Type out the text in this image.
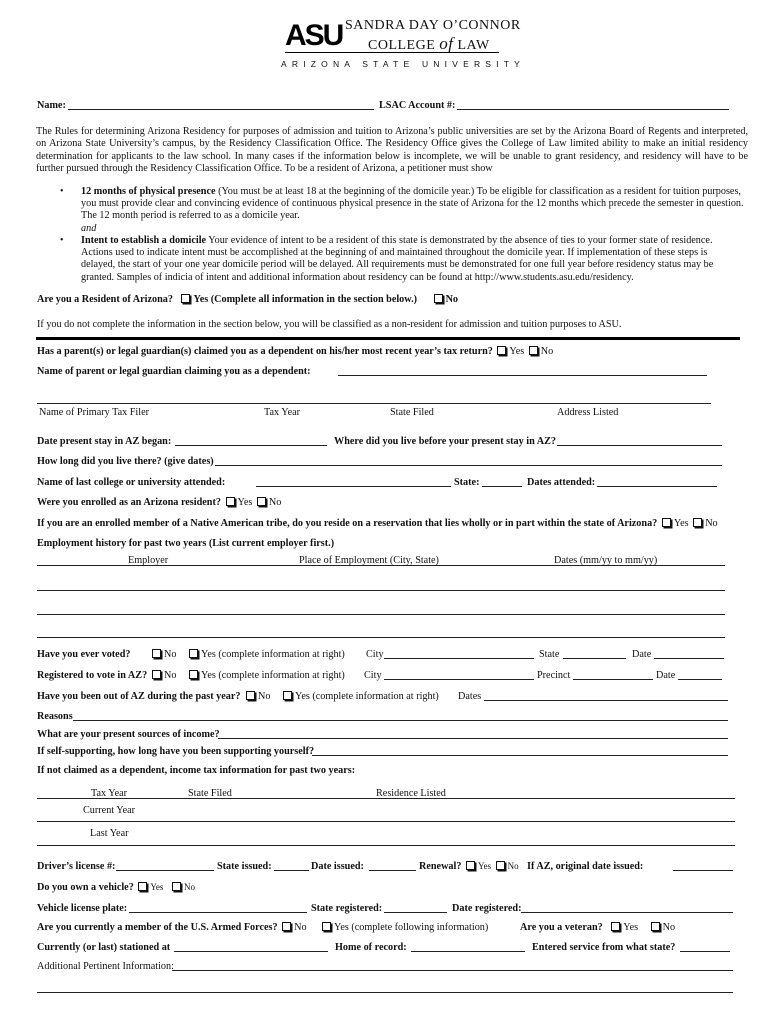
ASU SANDRA DAY O’CONNOR
COLLEGE of LAW
ARIZONA STATE UNIVERSITY
Name:	LSAC Account #:
The Rules for determining Arizona Residency for purposes of admission and tuition to Arizona’s public universities are set by the Arizona Board of Regents and interpreted, on Arizona State University’s campus, by the Residency Classification Office. The Residency Office gives the College of Law limited ability to make an initial residency determination for applicants to the law school. In many cases if the information below is incomplete, we will be unable to grant residency, and residency will have to be further pursued through the Residency Classification Office. To be a resident of Arizona, a petitioner must show
• 12 months of physical presence (You must be at least 18 at the beginning of the domicile year.) To be eligible for classification as a resident for tuition purposes, you must provide clear and convincing evidence of continuous physical presence in the state of Arizona for the 12 months which precede the semester in question. The 12 month period is referred to as a domicile year.
and
• Intent to establish a domicile Your evidence of intent to be a resident of this state is demonstrated by the absence of ties to your former state of residence. Actions used to indicate intent must be accomplished at the beginning of and maintained throughout the domicile year. If implementation of these steps is delayed, the start of your one year domicile period will be delayed. All requirements must be demonstrated for one full year before residency status may be granted. Samples of indicia of intent and additional information about residency can be found at http://www.students.asu.edu/residency.
Are you a Resident of Arizona? Yes (Complete all information in the section below.)	No
If you do not complete the information in the section below, you will be classified as a non-resident for admission and tuition purposes to ASU.
Has a parent(s) or legal guardian(s) claimed you as a dependent on his/her most recent year’s tax return? Yes No
Name of parent or legal guardian claiming you as a dependent:
Name of Primary Tax Filer	Tax Year	State Filed	Address Listed
Date present stay in AZ began:	Where did you live before your present stay in AZ?
How long did you live there? (give dates)
Name of last college or university attended:	State:	Dates attended:
Were you enrolled as an Arizona resident? Yes No
If you are an enrolled member of a Native American tribe, do you reside on a reservation that lies wholly or in part within the state of Arizona? Yes No
Employment history for past two years (List current employer first.)
Employer	Place of Employment (City, State)	Dates (mm/yy to mm/yy)
Have you ever voted?	No Yes (complete information at right) City	State	Date
Registered to vote in AZ?	No Yes (complete information at right) City	Precinct	Date
Have you been out of AZ during the past year?	No Yes (complete information at right) Dates
Reasons
What are your present sources of income?
If self-supporting, how long have you been supporting yourself?
If not claimed as a dependent, income tax information for past two years:
Tax Year	State Filed	Residence Listed
Current Year
Last Year
Driver’s license #:	State issued:	Date issued:	Renewal? Yes No If AZ, original date issued:
Do you own a vehicle? Yes No
Vehicle license plate:	State registered:	Date registered:
Are you currently a member of the U.S. Armed Forces? No	Yes (complete following information)	Are you a veteran? Yes No
Currently (or last) stationed at	Home of record:	Entered service from what state?
Additional Pertinent Information:
